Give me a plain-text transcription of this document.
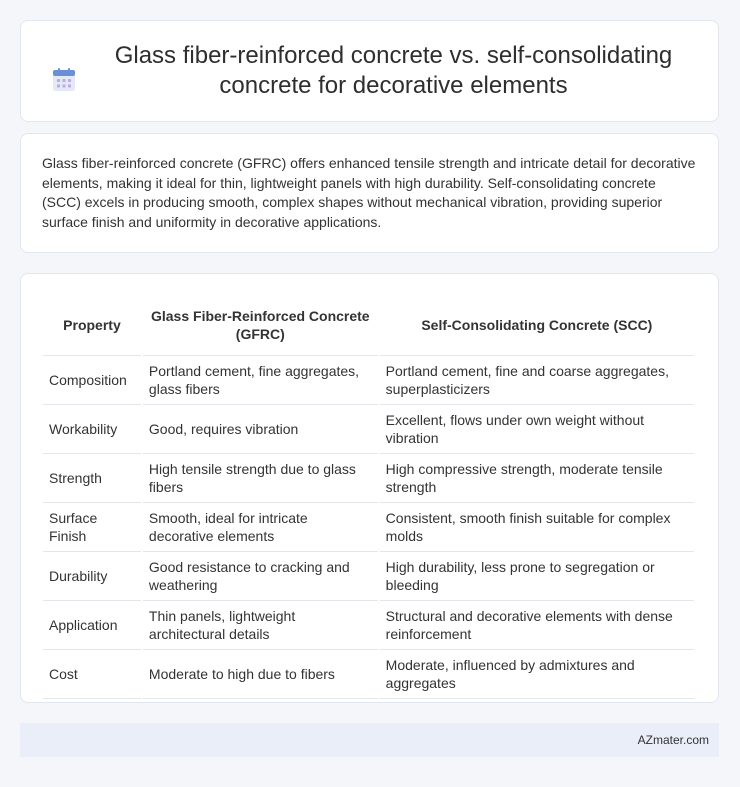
Glass fiber-reinforced concrete vs. self-consolidating concrete for decorative elements

Glass fiber-reinforced concrete (GFRC) offers enhanced tensile strength and intricate detail for decorative elements, making it ideal for thin, lightweight panels with high durability. Self-consolidating concrete (SCC) excels in producing smooth, complex shapes without mechanical vibration, providing superior surface finish and uniformity in decorative applications.

Property	Glass Fiber-Reinforced Concrete (GFRC)	Self-Consolidating Concrete (SCC)
Composition	Portland cement, fine aggregates, glass fibers	Portland cement, fine and coarse aggregates, superplasticizers
Workability	Good, requires vibration	Excellent, flows under own weight without vibration
Strength	High tensile strength due to glass fibers	High compressive strength, moderate tensile strength
Surface Finish	Smooth, ideal for intricate decorative elements	Consistent, smooth finish suitable for complex molds
Durability	Good resistance to cracking and weathering	High durability, less prone to segregation or bleeding
Application	Thin panels, lightweight architectural details	Structural and decorative elements with dense reinforcement
Cost	Moderate to high due to fibers	Moderate, influenced by admixtures and aggregates
AZmater.com
